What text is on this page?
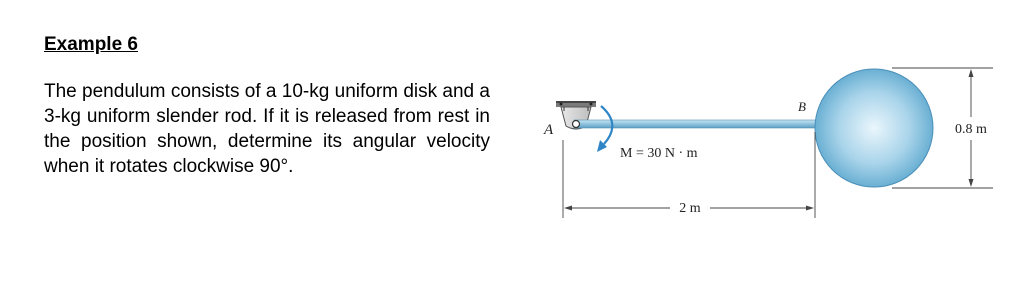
Example 6
The pendulum consists of a 10-kg uniform disk and a 3-kg uniform slender rod. If it is released from rest in the position shown, determine its angular velocity when it rotates clockwise 90°.
A
B
M = 30 N · m
2 m
0.8 m
